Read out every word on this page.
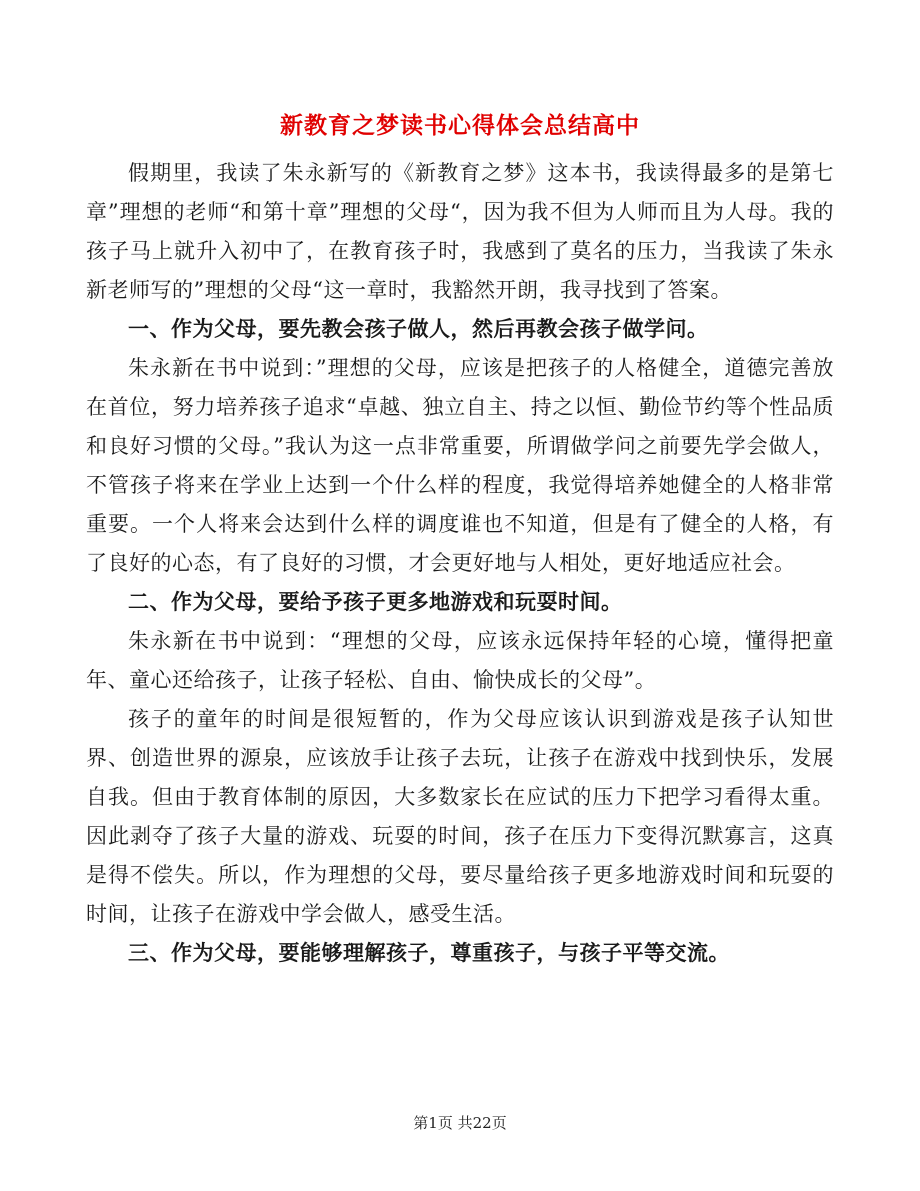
新教育之梦读书心得体会总结高中

假期里，我读了朱永新写的《新教育之梦》这本书，我读得最多的是第七章”理想的老师“和第十章”理想的父母“，因为我不但为人师而且为人母。我的孩子马上就升入初中了，在教育孩子时，我感到了莫名的压力，当我读了朱永新老师写的”理想的父母“这一章时，我豁然开朗，我寻找到了答案。

一、作为父母，要先教会孩子做人，然后再教会孩子做学问。

朱永新在书中说到：”理想的父母，应该是把孩子的人格健全，道德完善放在首位，努力培养孩子追求“卓越、独立自主、持之以恒、勤俭节约等个性品质和良好习惯的父母。”我认为这一点非常重要，所谓做学问之前要先学会做人，不管孩子将来在学业上达到一个什么样的程度，我觉得培养她健全的人格非常重要。一个人将来会达到什么样的调度谁也不知道，但是有了健全的人格，有了良好的心态，有了良好的习惯，才会更好地与人相处，更好地适应社会。

二、作为父母，要给予孩子更多地游戏和玩耍时间。

朱永新在书中说到：“理想的父母，应该永远保持年轻的心境，懂得把童年、童心还给孩子，让孩子轻松、自由、愉快成长的父母”。

孩子的童年的时间是很短暂的，作为父母应该认识到游戏是孩子认知世界、创造世界的源泉，应该放手让孩子去玩，让孩子在游戏中找到快乐，发展自我。但由于教育体制的原因，大多数家长在应试的压力下把学习看得太重。因此剥夺了孩子大量的游戏、玩耍的时间，孩子在压力下变得沉默寡言，这真是得不偿失。所以，作为理想的父母，要尽量给孩子更多地游戏时间和玩耍的时间，让孩子在游戏中学会做人，感受生活。

三、作为父母，要能够理解孩子，尊重孩子，与孩子平等交流。

第1页 共22页
